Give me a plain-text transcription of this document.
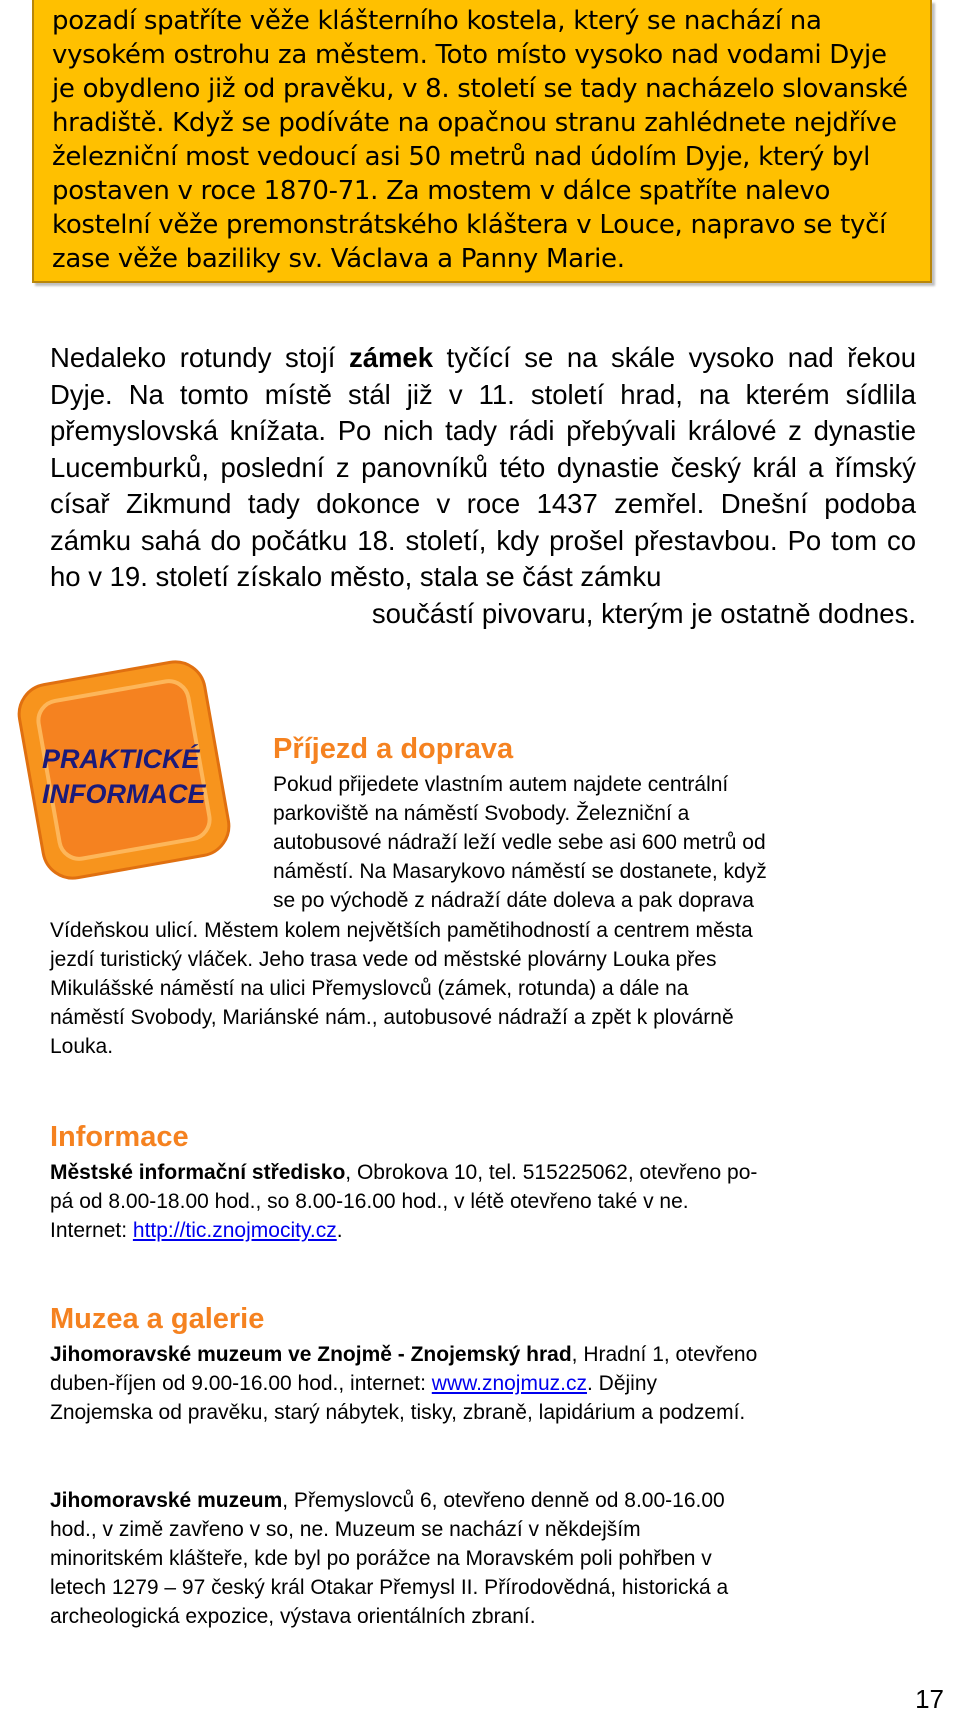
pozadí spatříte věže klášterního kostela, který se nachází na

vysokém ostrohu za městem. Toto místo vysoko nad vodami Dyje

je obydleno již od pravěku, v 8. století se tady nacházelo slovanské

hradiště. Když se podíváte na opačnou stranu zahlédnete nejdříve

železniční most vedoucí asi 50 metrů nad údolím Dyje, který byl

postaven v roce 1870-71. Za mostem v dálce spatříte nalevo

kostelní věže premonstrátského kláštera v Louce, napravo se tyčí

zase věže baziliky sv. Václava a Panny Marie.

Nedaleko rotundy stojí zámek tyčící se na skále vysoko nad řekou Dyje. Na tomto místě stál již v 11. století hrad, na kterém sídlila přemyslovská knížata. Po nich tady rádi přebývali králové z dynastie Lucemburků, poslední z panovníků této dynastie český král a římský císař Zikmund tady dokonce v roce 1437 zemřel. Dnešní podoba zámku sahá do počátku 18. století, kdy prošel přestavbou. Po tom co ho v 19. století získalo město, stala se část zámku
součástí pivovaru, kterým je ostatně dodnes.

PRAKTICKÉ
INFORMACE
Příjezd a doprava
Pokud přijedete vlastním autem najdete centrální
parkoviště na náměstí Svobody. Železniční a
autobusové nádraží leží vedle sebe asi 600 metrů od
náměstí. Na Masarykovo náměstí se dostanete, když
se po východě z nádraží dáte doleva a pak doprava
Vídeňskou ulicí. Městem kolem největších pamětihodností a centrem města
jezdí turistický vláček. Jeho trasa vede od městské plovárny Louka přes
Mikulášské náměstí na ulici Přemyslovců (zámek, rotunda) a dále na
náměstí Svobody, Mariánské nám., autobusové nádraží a zpět k plovárně
Louka.
Informace
Městské informační středisko, Obrokova 10, tel. 515225062, otevřeno po-
pá od 8.00-18.00 hod., so 8.00-16.00 hod., v létě otevřeno také v ne.
Internet: http://tic.znojmocity.cz.
Muzea a galerie
Jihomoravské muzeum ve Znojmě - Znojemský hrad, Hradní 1, otevřeno
duben-říjen od 9.00-16.00 hod., internet: www.znojmuz.cz. Dějiny
Znojemska od pravěku, starý nábytek, tisky, zbraně, lapidárium a podzemí.
Jihomoravské muzeum, Přemyslovců 6, otevřeno denně od 8.00-16.00
hod., v zimě zavřeno v so, ne. Muzeum se nachází v někdejším
minoritském klášteře, kde byl po porážce na Moravském poli pohřben v
letech 1279 – 97 český král Otakar Přemysl II. Přírodovědná, historická a
archeologická expozice, výstava orientálních zbraní.
17
